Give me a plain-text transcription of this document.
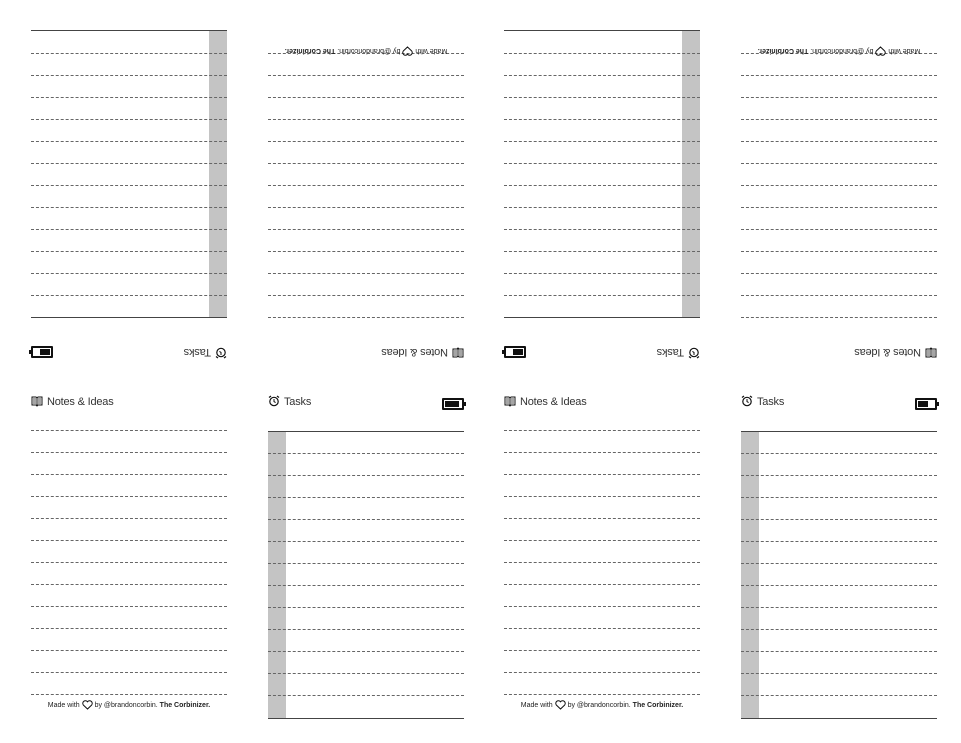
Tasks	Notes & Ideas
Made with
by @brandoncorbin. The Corbinizer.
Tasks	Notes & Ideas
Made with
by @brandoncorbin. The Corbinizer.
Notes & Ideas
Made with by @brandoncorbin. The Corbinizer.
Tasks	Notes & Ideas
Made with by @brandoncorbin. The Corbinizer.
Tasks
